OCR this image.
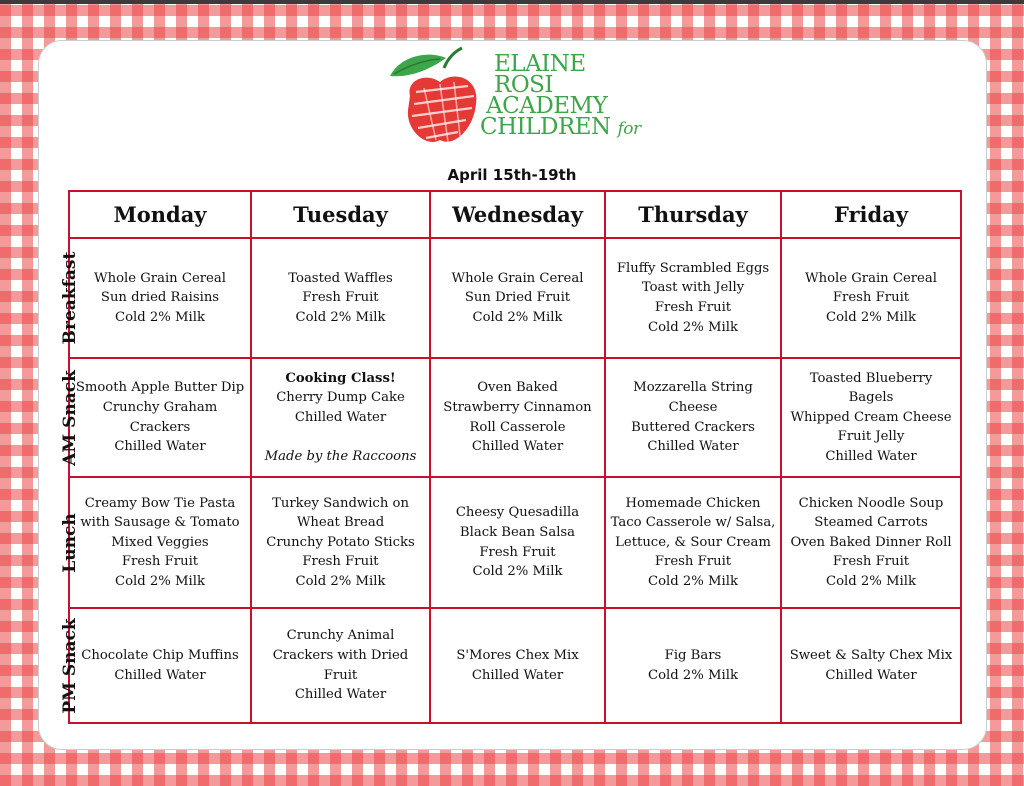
ELAINE
ROSI
ACADEMY
CHILDREN for
April 15th-19th
	Monday	Tuesday	Wednesday	Thursday	Friday

Breakfast	Whole Grain Cereal
Sun dried Raisins
Cold 2% Milk	Toasted Waffles
Fresh Fruit
Cold 2% Milk	Whole Grain Cereal
Sun Dried Fruit
Cold 2% Milk	Fluffy Scrambled Eggs
Toast with Jelly
Fresh Fruit
Cold 2% Milk	Whole Grain Cereal
Fresh Fruit
Cold 2% Milk

AM Snack	Smooth Apple Butter Dip
Crunchy Graham
Crackers
Chilled Water	Cooking Class!
Cherry Dump Cake
Chilled Water
Made by the Raccoons	Oven Baked
Strawberry Cinnamon
Roll Casserole
Chilled Water	Mozzarella String
Cheese
Buttered Crackers
Chilled Water	Toasted Blueberry
Bagels
Whipped Cream Cheese
Fruit Jelly
Chilled Water

Lunch	Creamy Bow Tie Pasta
with Sausage & Tomato
Mixed Veggies
Fresh Fruit
Cold 2% Milk	Turkey Sandwich on
Wheat Bread
Crunchy Potato Sticks
Fresh Fruit
Cold 2% Milk	Cheesy Quesadilla
Black Bean Salsa
Fresh Fruit
Cold 2% Milk	Homemade Chicken
Taco Casserole w/ Salsa,
Lettuce, & Sour Cream
Fresh Fruit
Cold 2% Milk	Chicken Noodle Soup
Steamed Carrots
Oven Baked Dinner Roll
Fresh Fruit
Cold 2% Milk

PM Snack	Chocolate Chip Muffins
Chilled Water	Crunchy Animal
Crackers with Dried
Fruit
Chilled Water	S'Mores Chex Mix
Chilled Water	Fig Bars
Cold 2% Milk	Sweet & Salty Chex Mix
Chilled Water
